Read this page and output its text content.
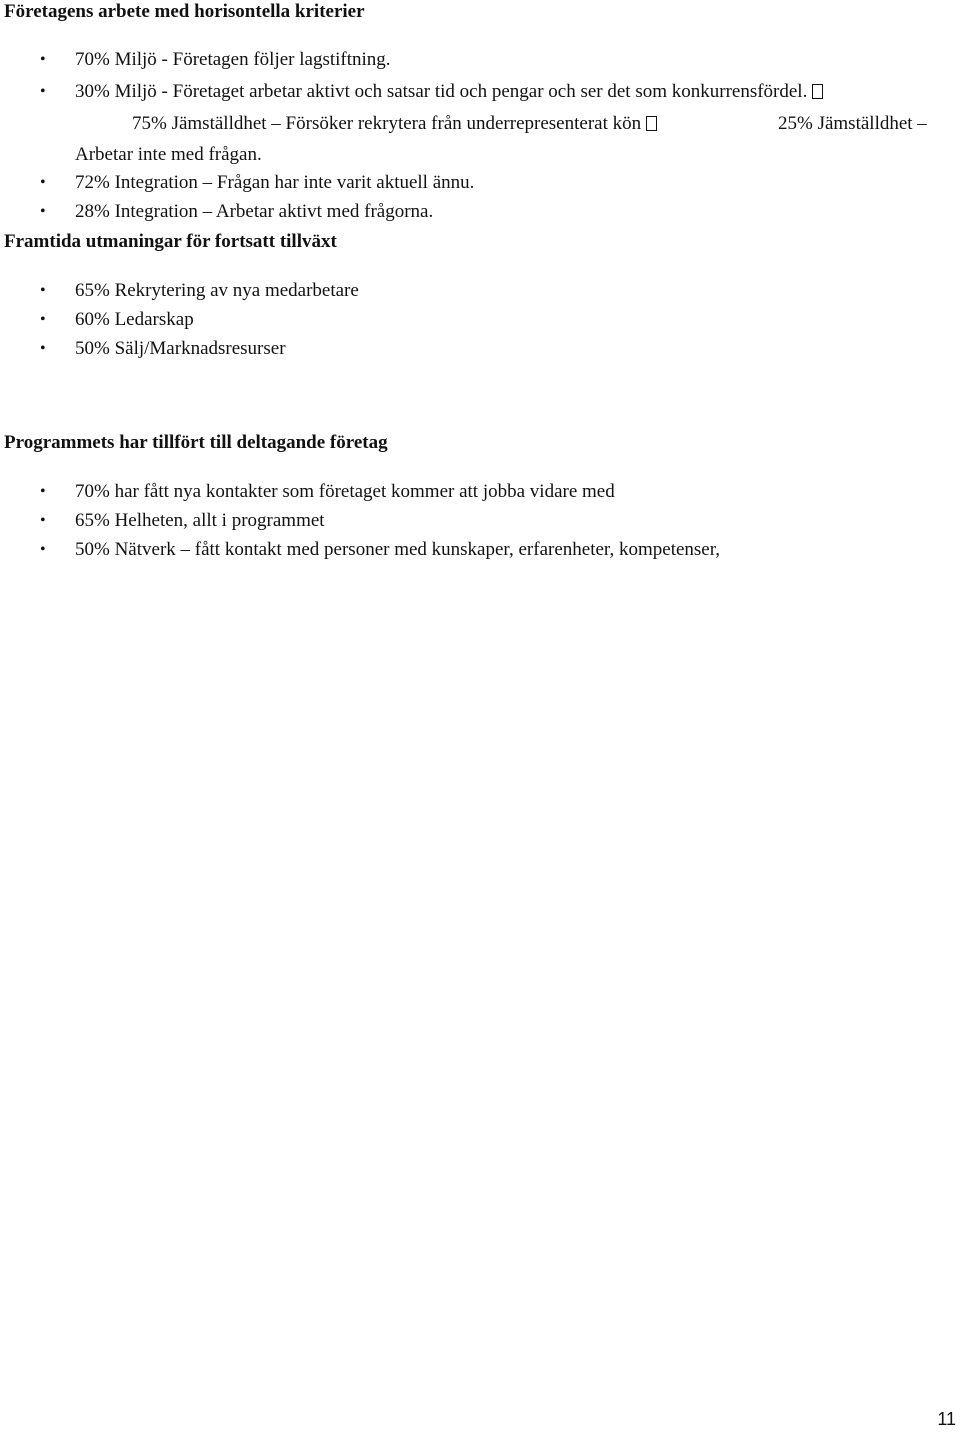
Företagens arbete med horisontella kriterier
• 70% Miljö - Företagen följer lagstiftning.
• 30% Miljö - Företaget arbetar aktivt och satsar tid och pengar och ser det som konkurrensfördel.
75% Jämställdhet – Försöker rekrytera från underrepresenterat kön	25% Jämställdhet –
Arbetar inte med frågan.
• 72% Integration – Frågan har inte varit aktuell ännu.
• 28% Integration – Arbetar aktivt med frågorna.
Framtida utmaningar för fortsatt tillväxt
• 65% Rekrytering av nya medarbetare
• 60% Ledarskap
• 50% Sälj/Marknadsresurser
Programmets har tillfört till deltagande företag
• 70% har fått nya kontakter som företaget kommer att jobba vidare med
• 65% Helheten, allt i programmet
• 50% Nätverk – fått kontakt med personer med kunskaper, erfarenheter, kompetenser,
11
